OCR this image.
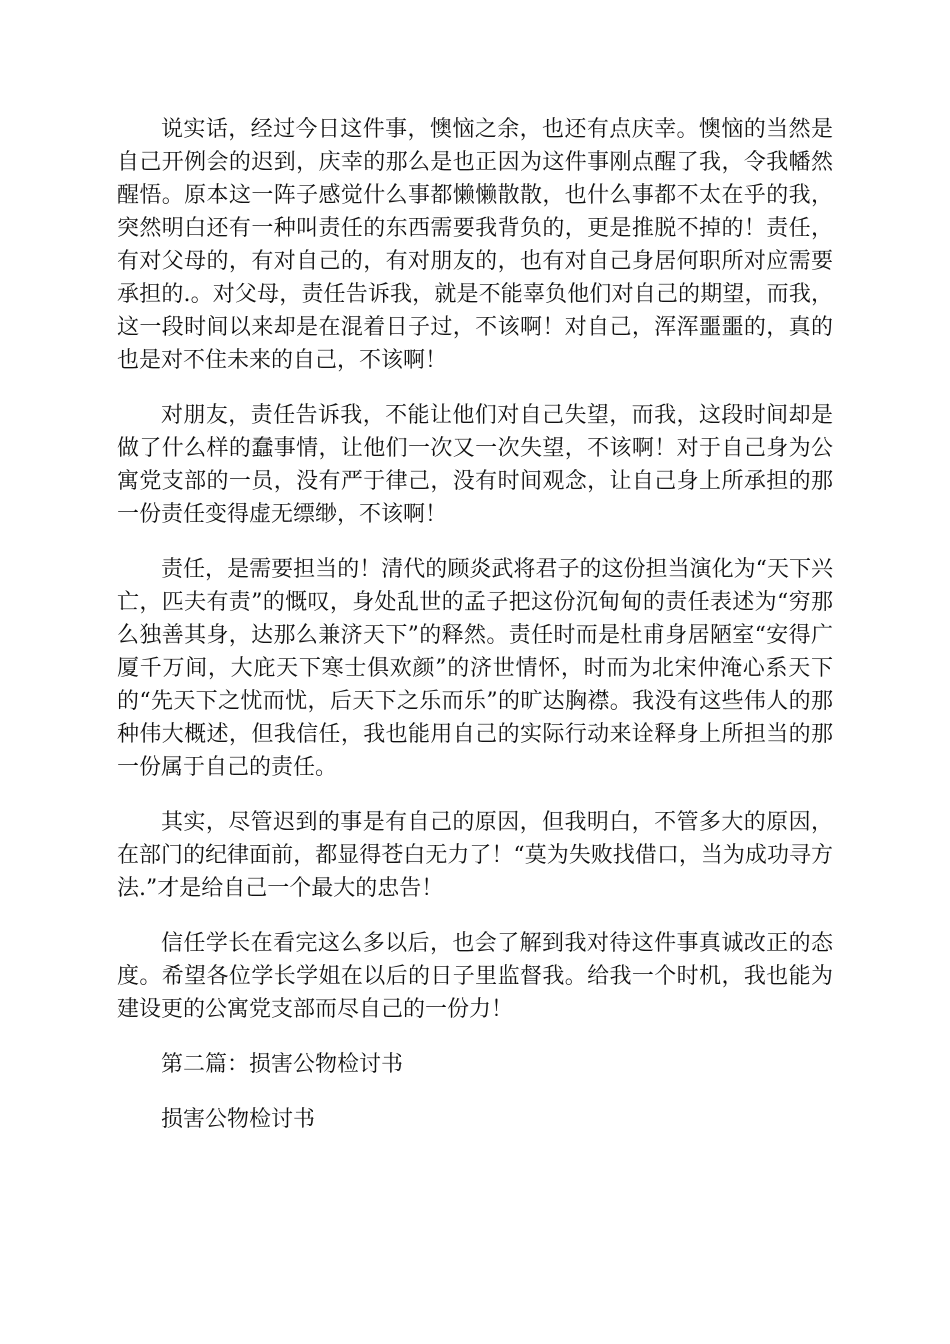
说实话，经过今日这件事，懊恼之余，也还有点庆幸。懊恼的当然是自己开例会的迟到，庆幸的那么是也正因为这件事刚点醒了我，令我幡然醒悟。原本这一阵子感觉什么事都懒懒散散，也什么事都不太在乎的我，突然明白还有一种叫责任的东西需要我背负的，更是推脱不掉的！责任，有对父母的，有对自己的，有对朋友的，也有对自己身居何职所对应需要承担的.。对父母，责任告诉我，就是不能辜负他们对自己的期望，而我，这一段时间以来却是在混着日子过，不该啊！对自己，浑浑噩噩的，真的也是对不住未来的自己，不该啊！

对朋友，责任告诉我，不能让他们对自己失望，而我，这段时间却是做了什么样的蠢事情，让他们一次又一次失望，不该啊！对于自己身为公寓党支部的一员，没有严于律己，没有时间观念，让自己身上所承担的那一份责任变得虚无缥缈，不该啊！

责任，是需要担当的！清代的顾炎武将君子的这份担当演化为“天下兴亡，匹夫有责”的慨叹，身处乱世的孟子把这份沉甸甸的责任表述为“穷那么独善其身，达那么兼济天下”的释然。责任时而是杜甫身居陋室“安得广厦千万间，大庇天下寒士俱欢颜”的济世情怀，时而为北宋仲淹心系天下的“先天下之忧而忧，后天下之乐而乐”的旷达胸襟。我没有这些伟人的那种伟大概述，但我信任，我也能用自己的实际行动来诠释身上所担当的那一份属于自己的责任。

其实，尽管迟到的事是有自己的原因，但我明白，不管多大的原因，在部门的纪律面前，都显得苍白无力了！“莫为失败找借口，当为成功寻方法.”才是给自己一个最大的忠告！

信任学长在看完这么多以后，也会了解到我对待这件事真诚改正的态度。希望各位学长学姐在以后的日子里监督我。给我一个时机，我也能为建设更的公寓党支部而尽自己的一份力！

第二篇：损害公物检讨书

损害公物检讨书
